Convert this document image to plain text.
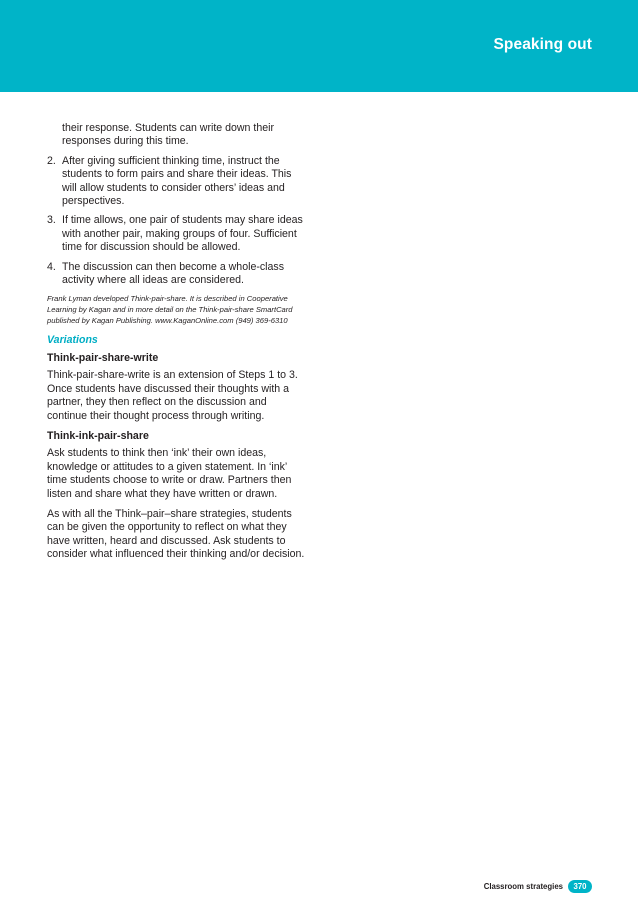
Speaking out
their response. Students can write down their responses during this time.
2. After giving sufficient thinking time, instruct the students to form pairs and share their ideas. This will allow students to consider others’ ideas and perspectives.
3. If time allows, one pair of students may share ideas with another pair, making groups of four. Sufficient time for discussion should be allowed.
4. The discussion can then become a whole-class activity where all ideas are considered.

Frank Lyman developed Think-pair-share. It is described in Cooperative Learning by Kagan and in more detail on the Think-pair-share SmartCard published by Kagan Publishing. www.KaganOnline.com (949) 369-6310

Variations
Think-pair-share-write

Think-pair-share-write is an extension of Steps 1 to 3. Once students have discussed their thoughts with a partner, they then reflect on the discussion and continue their thought process through writing.

Think-ink-pair-share

Ask students to think then ‘ink’ their own ideas, knowledge or attitudes to a given statement. In ‘ink’ time students choose to write or draw. Partners then listen and share what they have written or drawn.

As with all the Think–pair–share strategies, students can be given the opportunity to reflect on what they have written, heard and discussed. Ask students to consider what influenced their thinking and/or decision.

Classroom strategies	370
